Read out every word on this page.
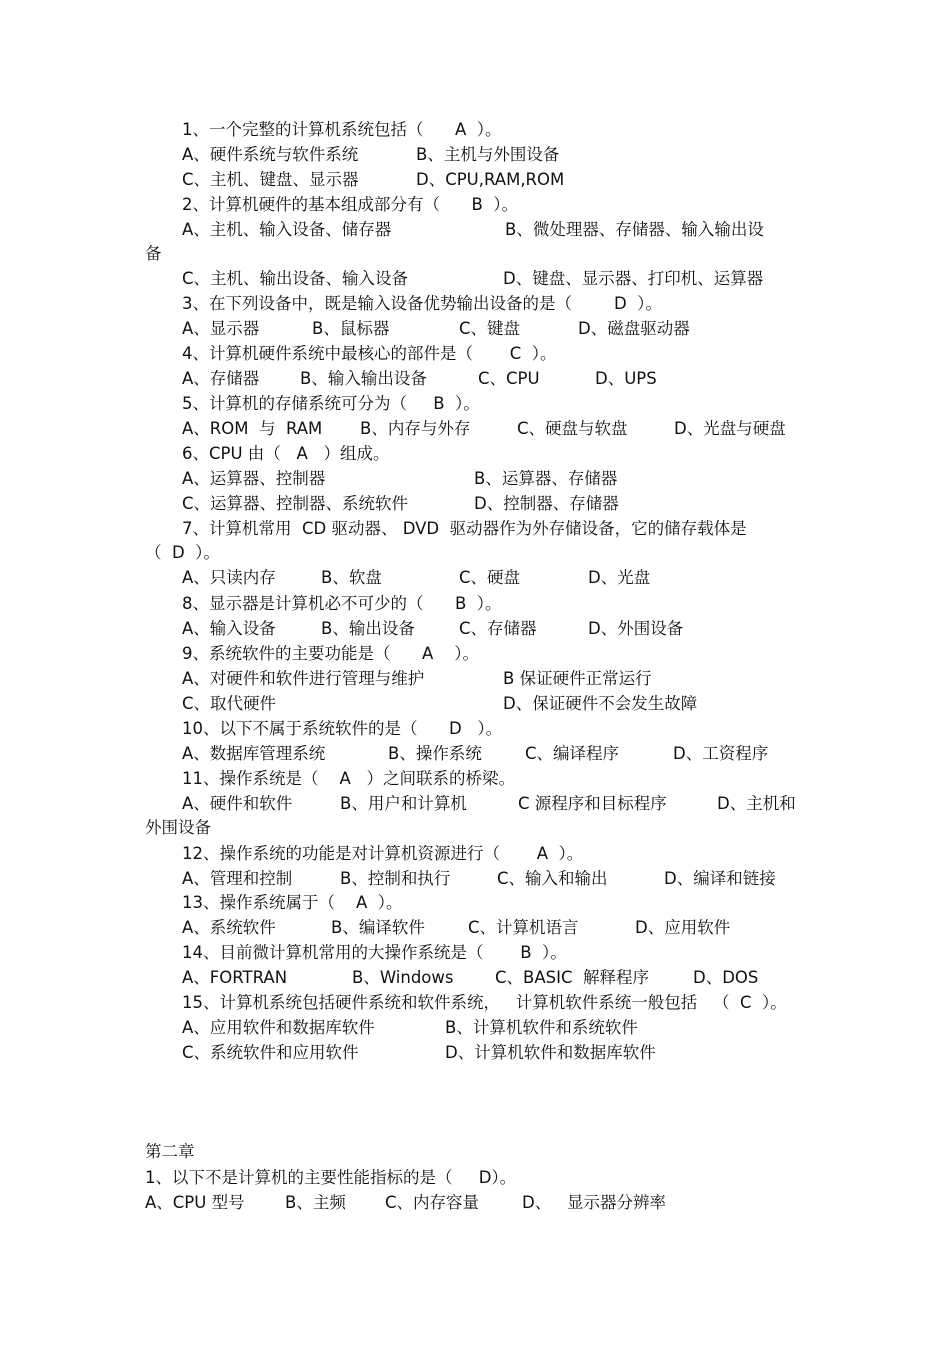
1、一个完整的计算机系统包括（      A  ）。
A、硬件系统与软件系统	B、主机与外围设备
C、主机、键盘、显示器	D、CPU,RAM,ROM
2、计算机硬件的基本组成部分有（      B  ）。
A、主机、输入设备、储存器	B、微处理器、存储器、输入输出设
备
C、主机、输出设备、输入设备	D、键盘、显示器、打印机、运算器
3、在下列设备中，既是输入设备优势输出设备的是（        D  ）。
A、显示器	B、鼠标器	C、键盘	D、磁盘驱动器
4、计算机硬件系统中最核心的部件是（       C  ）。
A、存储器 B、输入输出设备	C、CPU	D、UPS
5、计算机的存储系统可分为（     B  ）。
A、ROM  与  RAM B、内存与外存	C、硬盘与软盘	D、光盘与硬盘
6、CPU 由（   A   ）组成。
A、运算器、控制器	B、运算器、存储器
C、运算器、控制器、系统软件	D、控制器、存储器
7、计算机常用  CD 驱动器、 DVD  驱动器作为外存储设备，它的储存载体是
（  D  ）。
A、只读内存	B、软盘	C、硬盘	D、光盘
8、显示器是计算机必不可少的（      B  ）。
A、输入设备	B、输出设备	C、存储器	D、外围设备
9、系统软件的主要功能是（      A    ）。
A、对硬件和软件进行管理与维护	B 保证硬件正常运行
C、取代硬件	D、保证硬件不会发生故障
10、以下不属于系统软件的是（      D   ）。
A、数据库管理系统	B、操作系统	C、编译程序	D、工资程序
11、操作系统是（    A   ）之间联系的桥梁。
A、硬件和软件	B、用户和计算机	C 源程序和目标程序	D、主机和
外围设备
12、操作系统的功能是对计算机资源进行（       A  ）。
A、管理和控制	B、控制和执行	C、输入和输出	D、编译和链接
13、操作系统属于（    A  ）。
A、系统软件	B、编译软件	C、计算机语言	D、应用软件
14、目前微计算机常用的大操作系统是（       B  ）。
A、FORTRAN	B、Windows	C、BASIC  解释程序	D、DOS
15、计算机系统包括硬件系统和软件系统，   计算机软件系统一般包括   （  C  ）。
A、应用软件和数据库软件	B、计算机软件和系统软件
C、系统软件和应用软件	D、计算机软件和数据库软件
第二章
1、以下不是计算机的主要性能指标的是（     D）。
A、CPU 型号 B、主频 C、内存容量	D、   显示器分辨率
